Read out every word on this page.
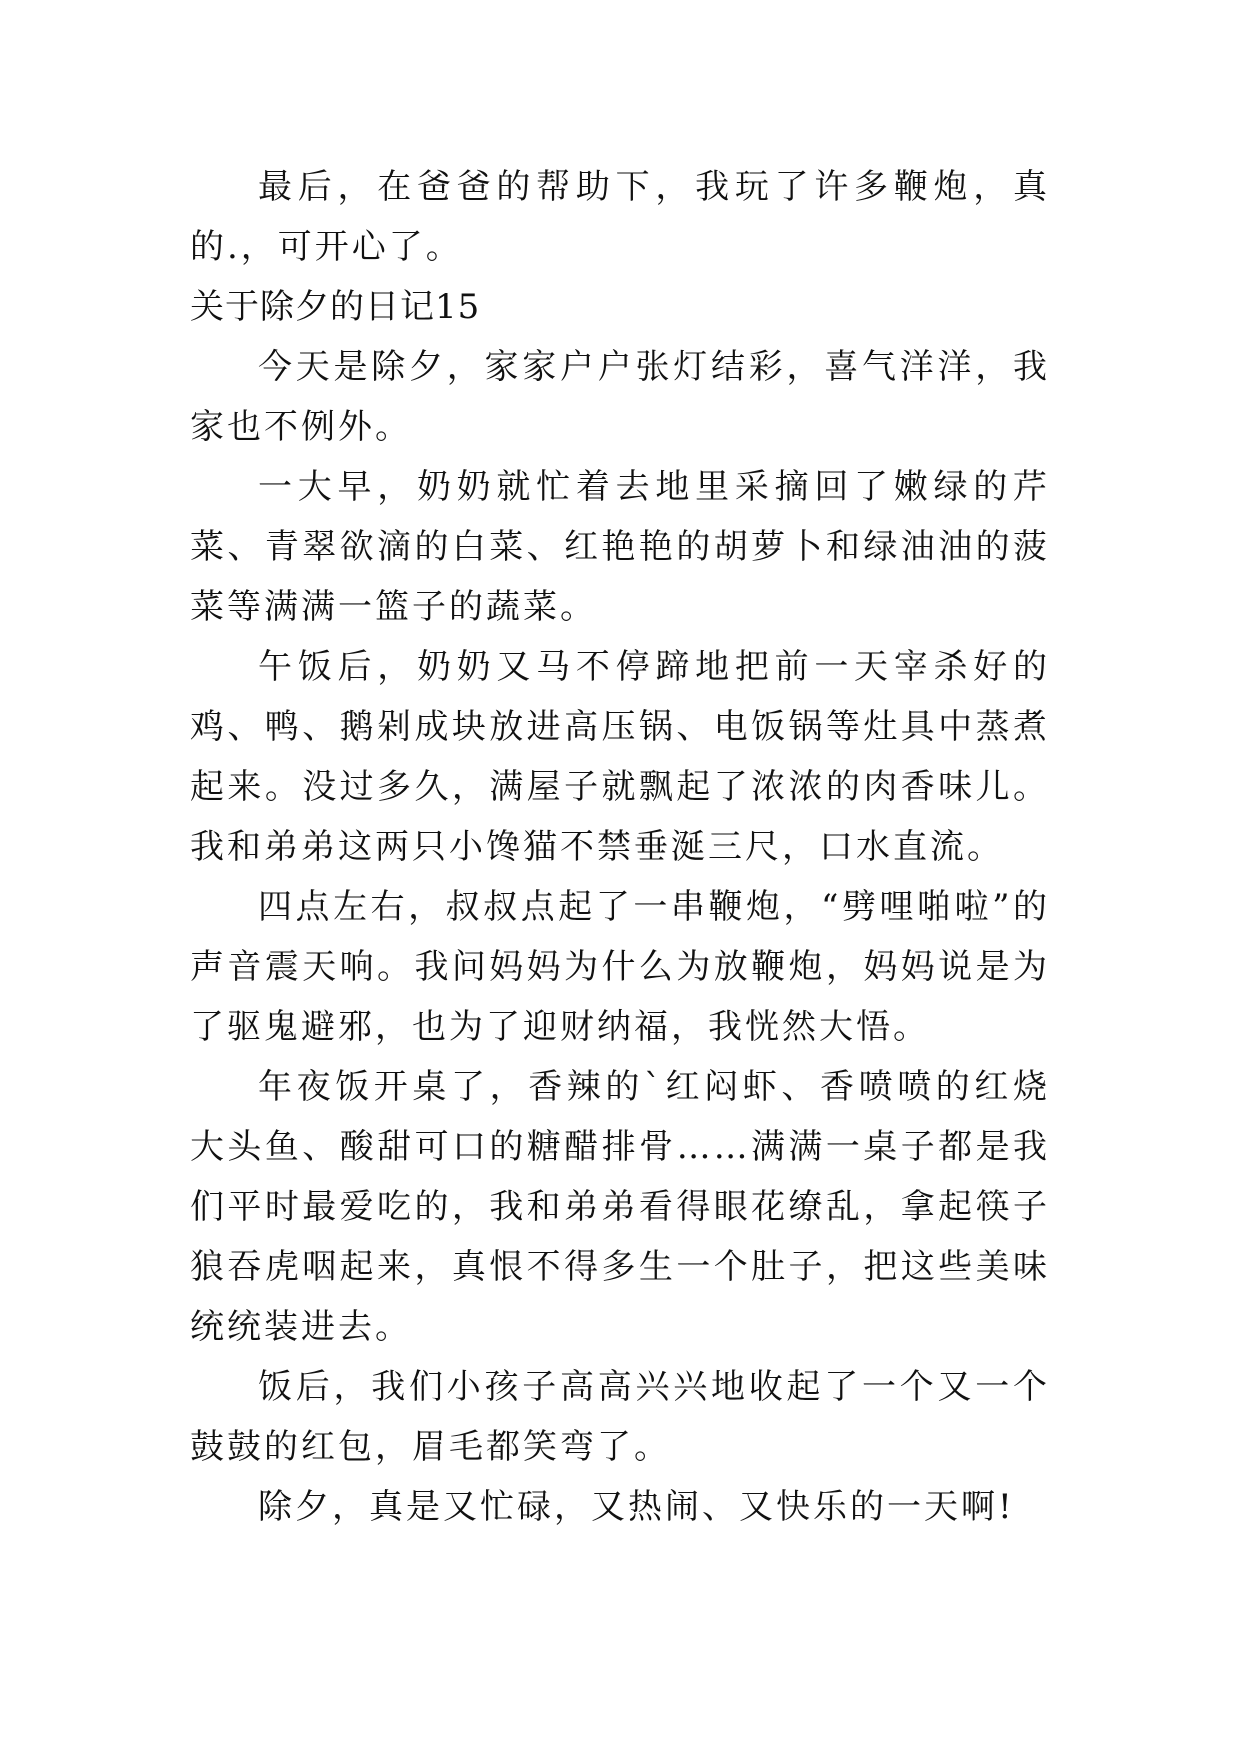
最后，在爸爸的帮助下，我玩了许多鞭炮，真的.，可开心了。

关于除夕的日记15

今天是除夕，家家户户张灯结彩，喜气洋洋，我家也不例外。

一大早，奶奶就忙着去地里采摘回了嫩绿的芹菜、青翠欲滴的白菜、红艳艳的胡萝卜和绿油油的菠菜等满满一篮子的蔬菜。

午饭后，奶奶又马不停蹄地把前一天宰杀好的鸡、鸭、鹅剁成块放进高压锅、电饭锅等灶具中蒸煮起来。没过多久，满屋子就飘起了浓浓的肉香味儿。我和弟弟这两只小馋猫不禁垂涎三尺，口水直流。

四点左右，叔叔点起了一串鞭炮，“劈哩啪啦”的声音震天响。我问妈妈为什么为放鞭炮，妈妈说是为了驱鬼避邪，也为了迎财纳福，我恍然大悟。

年夜饭开桌了，香辣的`红闷虾、香喷喷的红烧大头鱼、酸甜可口的糖醋排骨……满满一桌子都是我们平时最爱吃的，我和弟弟看得眼花缭乱，拿起筷子狼吞虎咽起来，真恨不得多生一个肚子，把这些美味统统装进去。

饭后，我们小孩子高高兴兴地收起了一个又一个鼓鼓的红包，眉毛都笑弯了。

除夕，真是又忙碌，又热闹、又快乐的一天啊!
